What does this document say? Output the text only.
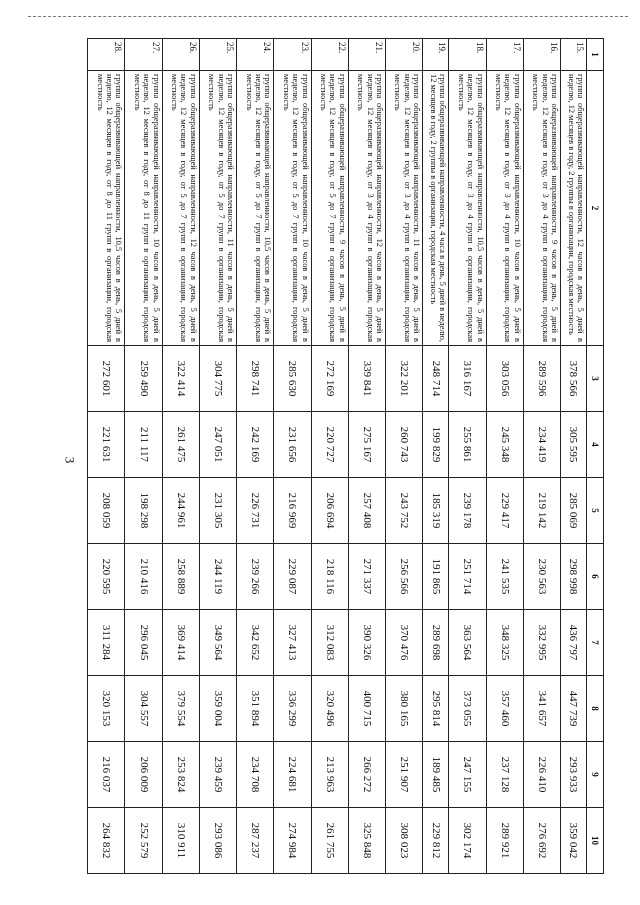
3
1	2	3	4	5	6	7	8	9	10
15.	группа общеразвивающей направленности, 12 часов в день, 5 дней в неделю, 12 месяцев в году, 2 группы в организации, городская местность	378 566	305 595	285 069	298 998	436 797	447 739	293 933	359 042
16.	группа общеразвивающей направленности, 9 часов в день, 5 дней в неделю, 12 месяцев в году, от 3 до 4 групп в организации, городская местность	289 596	234 419	219 142	230 563	332 995	341 657	226 410	276 692
17.	группа общеразвивающей направленности, 10 часов в день, 5 дней в неделю, 12 месяцев в году, от 3 до 4 групп в организации, городская местность	303 056	245 348	229 417	241 535	348 325	357 460	237 128	289 921
18.	группа общеразвивающей направленности, 10,5 часов в день, 5 дней в неделю, 12 месяцев в году, от 3 до 4 групп в организации, городская местность	316 167	255 861	239 178	251 714	363 564	373 055	247 155	302 174
19.	группа общеразвивающей направленности, 4 часа в день, 5 дней в неделю, 12 месяцев в году, 2 группы в организации, городская местность	248 714	199 829	185 319	191 865	289 698	295 814	189 485	229 812
20.	группа общеразвивающей направленности, 11 часов в день, 5 дней в неделю, 12 месяцев в году, от 3 до 4 групп в организации, городская местность	322 201	260 743	243 752	256 566	370 476	380 165	251 907	308 023
21.	группа общеразвивающей направленности, 12 часов в день, 5 дней в неделю, 12 месяцев в году, от 3 до 4 групп в организации, городская местность	339 841	275 167	257 408	271 337	390 326	400 715	266 272	325 848
22.	группа общеразвивающей направленности, 9 часов в день, 5 дней в неделю, 12 месяцев в году, от 5 до 7 групп в организации, городская местность	272 169	220 727	206 694	218 116	312 083	320 496	213 963	261 755
23.	группа общеразвивающей направленности, 10 часов в день, 5 дней в неделю, 12 месяцев в году, от 5 до 7 групп в организации, городская местность	285 630	231 656	216 969	229 087	327 413	336 299	224 681	274 984
24.	группа общеразвивающей направленности, 10,5 часов в день, 5 дней в неделю, 12 месяцев в году, от 5 до 7 групп в организации, городская местность	298 741	242 169	226 731	239 266	342 652	351 894	234 708	287 237
25.	группа общеразвивающей направленности, 11 часов в день, 5 дней в неделю, 12 месяцев в году, от 5 до 7 групп в организации, городская местность	304 775	247 051	231 305	244 119	349 564	359 004	239 459	293 086
26.	группа общеразвивающей направленности, 12 часов в день, 5 дней в неделю, 12 месяцев в году, от 5 до 7 групп в организации, городская местность	322 414	261 475	244 961	258 889	369 414	379 554	253 824	310 911
27.	группа общеразвивающей направленности, 10 часов в день, 5 дней в неделю, 12 месяцев в году, от 8 до 11 групп в организации, городская местность	259 490	211 117	198 298	210 416	296 045	304 557	206 009	252 579
28.	группа общеразвивающей направленности, 10,5 часов в день, 5 дней в неделю, 12 месяцев в году, от 8 до 11 групп в организации, городская местность	272 601	221 631	208 059	220 595	311 284	320 153	216 037	264 832
